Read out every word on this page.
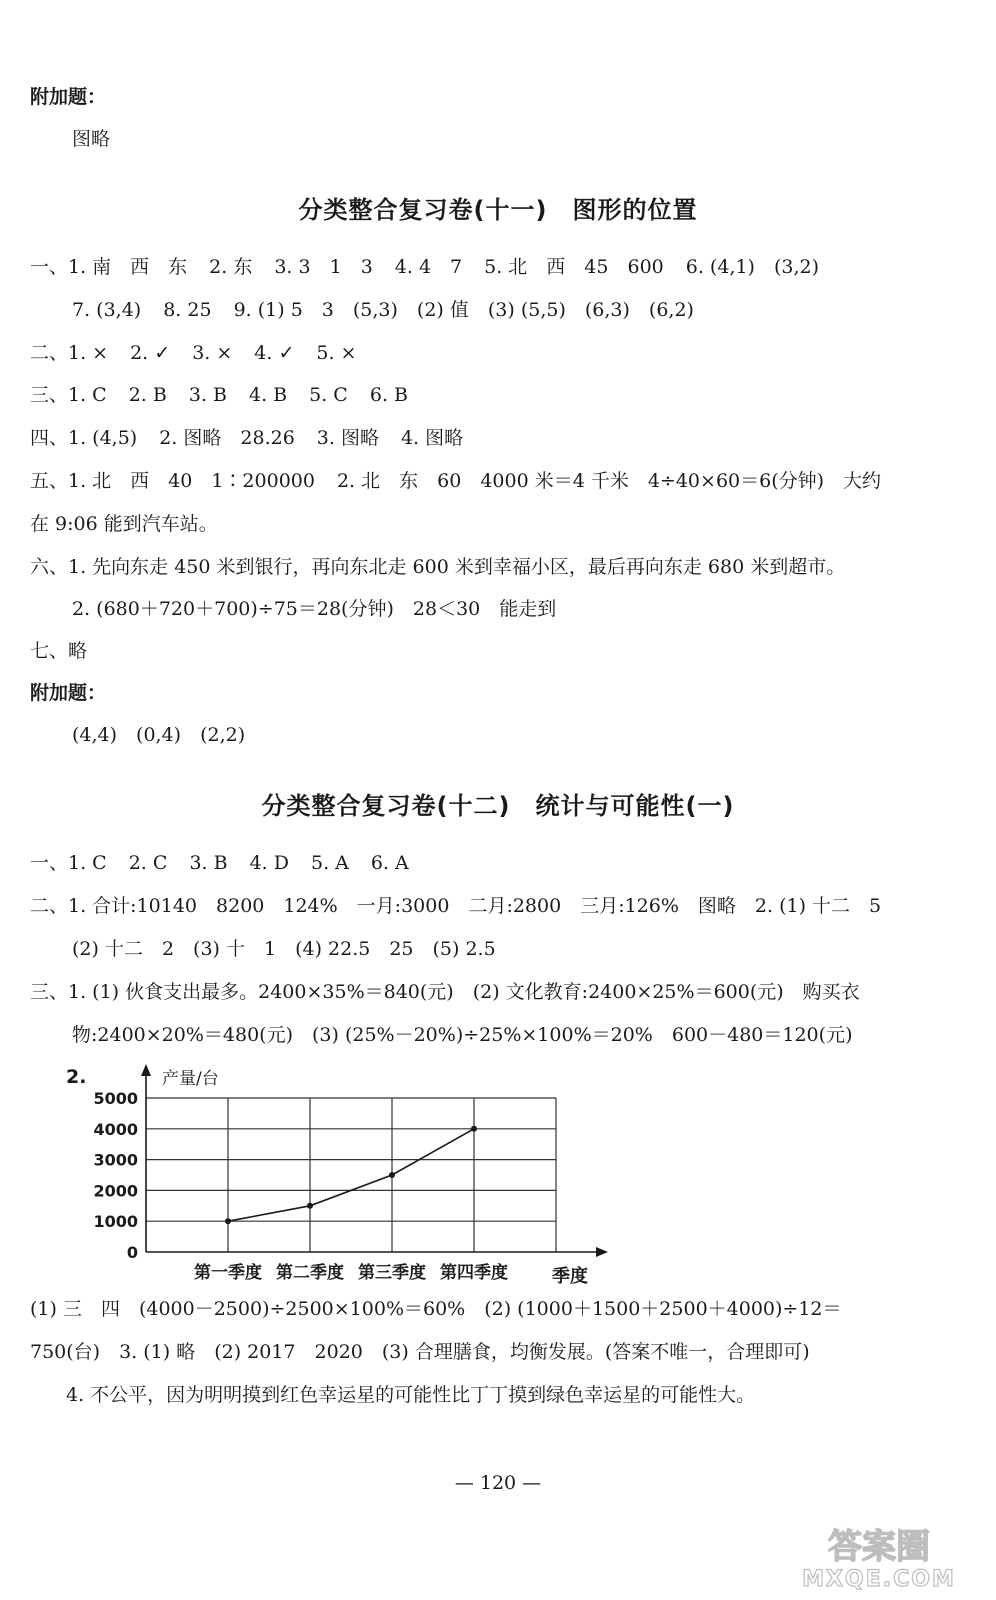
附加题：
图略
分类整合复习卷(十一)　图形的位置
一、1. 南　西　东 2. 东 3. 3　1　3 4. 4　7 5. 北　西　45　600 6. (4,1)　(3,2)
7. (3,4) 8. 25 9. (1) 5　3　(5,3)　(2) 值　(3) (5,5)　(6,3)　(6,2)
二、1. × 2. ✓ 3. × 4. ✓ 5. ×
三、1. C 2. B 3. B 4. B 5. C 6. B
四、1. (4,5) 2. 图略　28.26 3. 图略 4. 图略
五、1. 北　西　40　1∶200000 2. 北　东　60　4000 米＝4 千米　4÷40×60＝6(分钟)　大约
在 9:06 能到汽车站。
六、1. 先向东走 450 米到银行，再向东北走 600 米到幸福小区，最后再向东走 680 米到超市。
2. (680＋720＋700)÷75＝28(分钟)　28＜30　能走到
七、略
附加题：
(4,4)　(0,4)　(2,2)
分类整合复习卷(十二)　统计与可能性(一)
一、1. C 2. C 3. B 4. D 5. A 6. A
二、1. 合计:10140　8200　124%　一月:3000　二月:2800　三月:126%　图略　2. (1) 十二　5
(2) 十二　2　(3) 十　1　(4) 22.5　25　(5) 2.5
三、1. (1) 伙食支出最多。2400×35%＝840(元)　(2) 文化教育:2400×25%＝600(元)　购买衣
物:2400×20%＝480(元)　(3) (25%－20%)÷25%×100%＝20%　600－480＝120(元)
2.
0
1000
2000
3000
4000
5000
第一季度 第二季度 第三季度 第四季度
产量/台
季度
(1) 三　四　(4000－2500)÷2500×100%＝60%　(2) (1000＋1500＋2500＋4000)÷12＝
750(台)　3. (1) 略　(2) 2017　2020　(3) 合理膳食，均衡发展。(答案不唯一，合理即可)
4. 不公平，因为明明摸到红色幸运星的可能性比丁丁摸到绿色幸运星的可能性大。
— 120 —
答案圈
MXQE.COM
